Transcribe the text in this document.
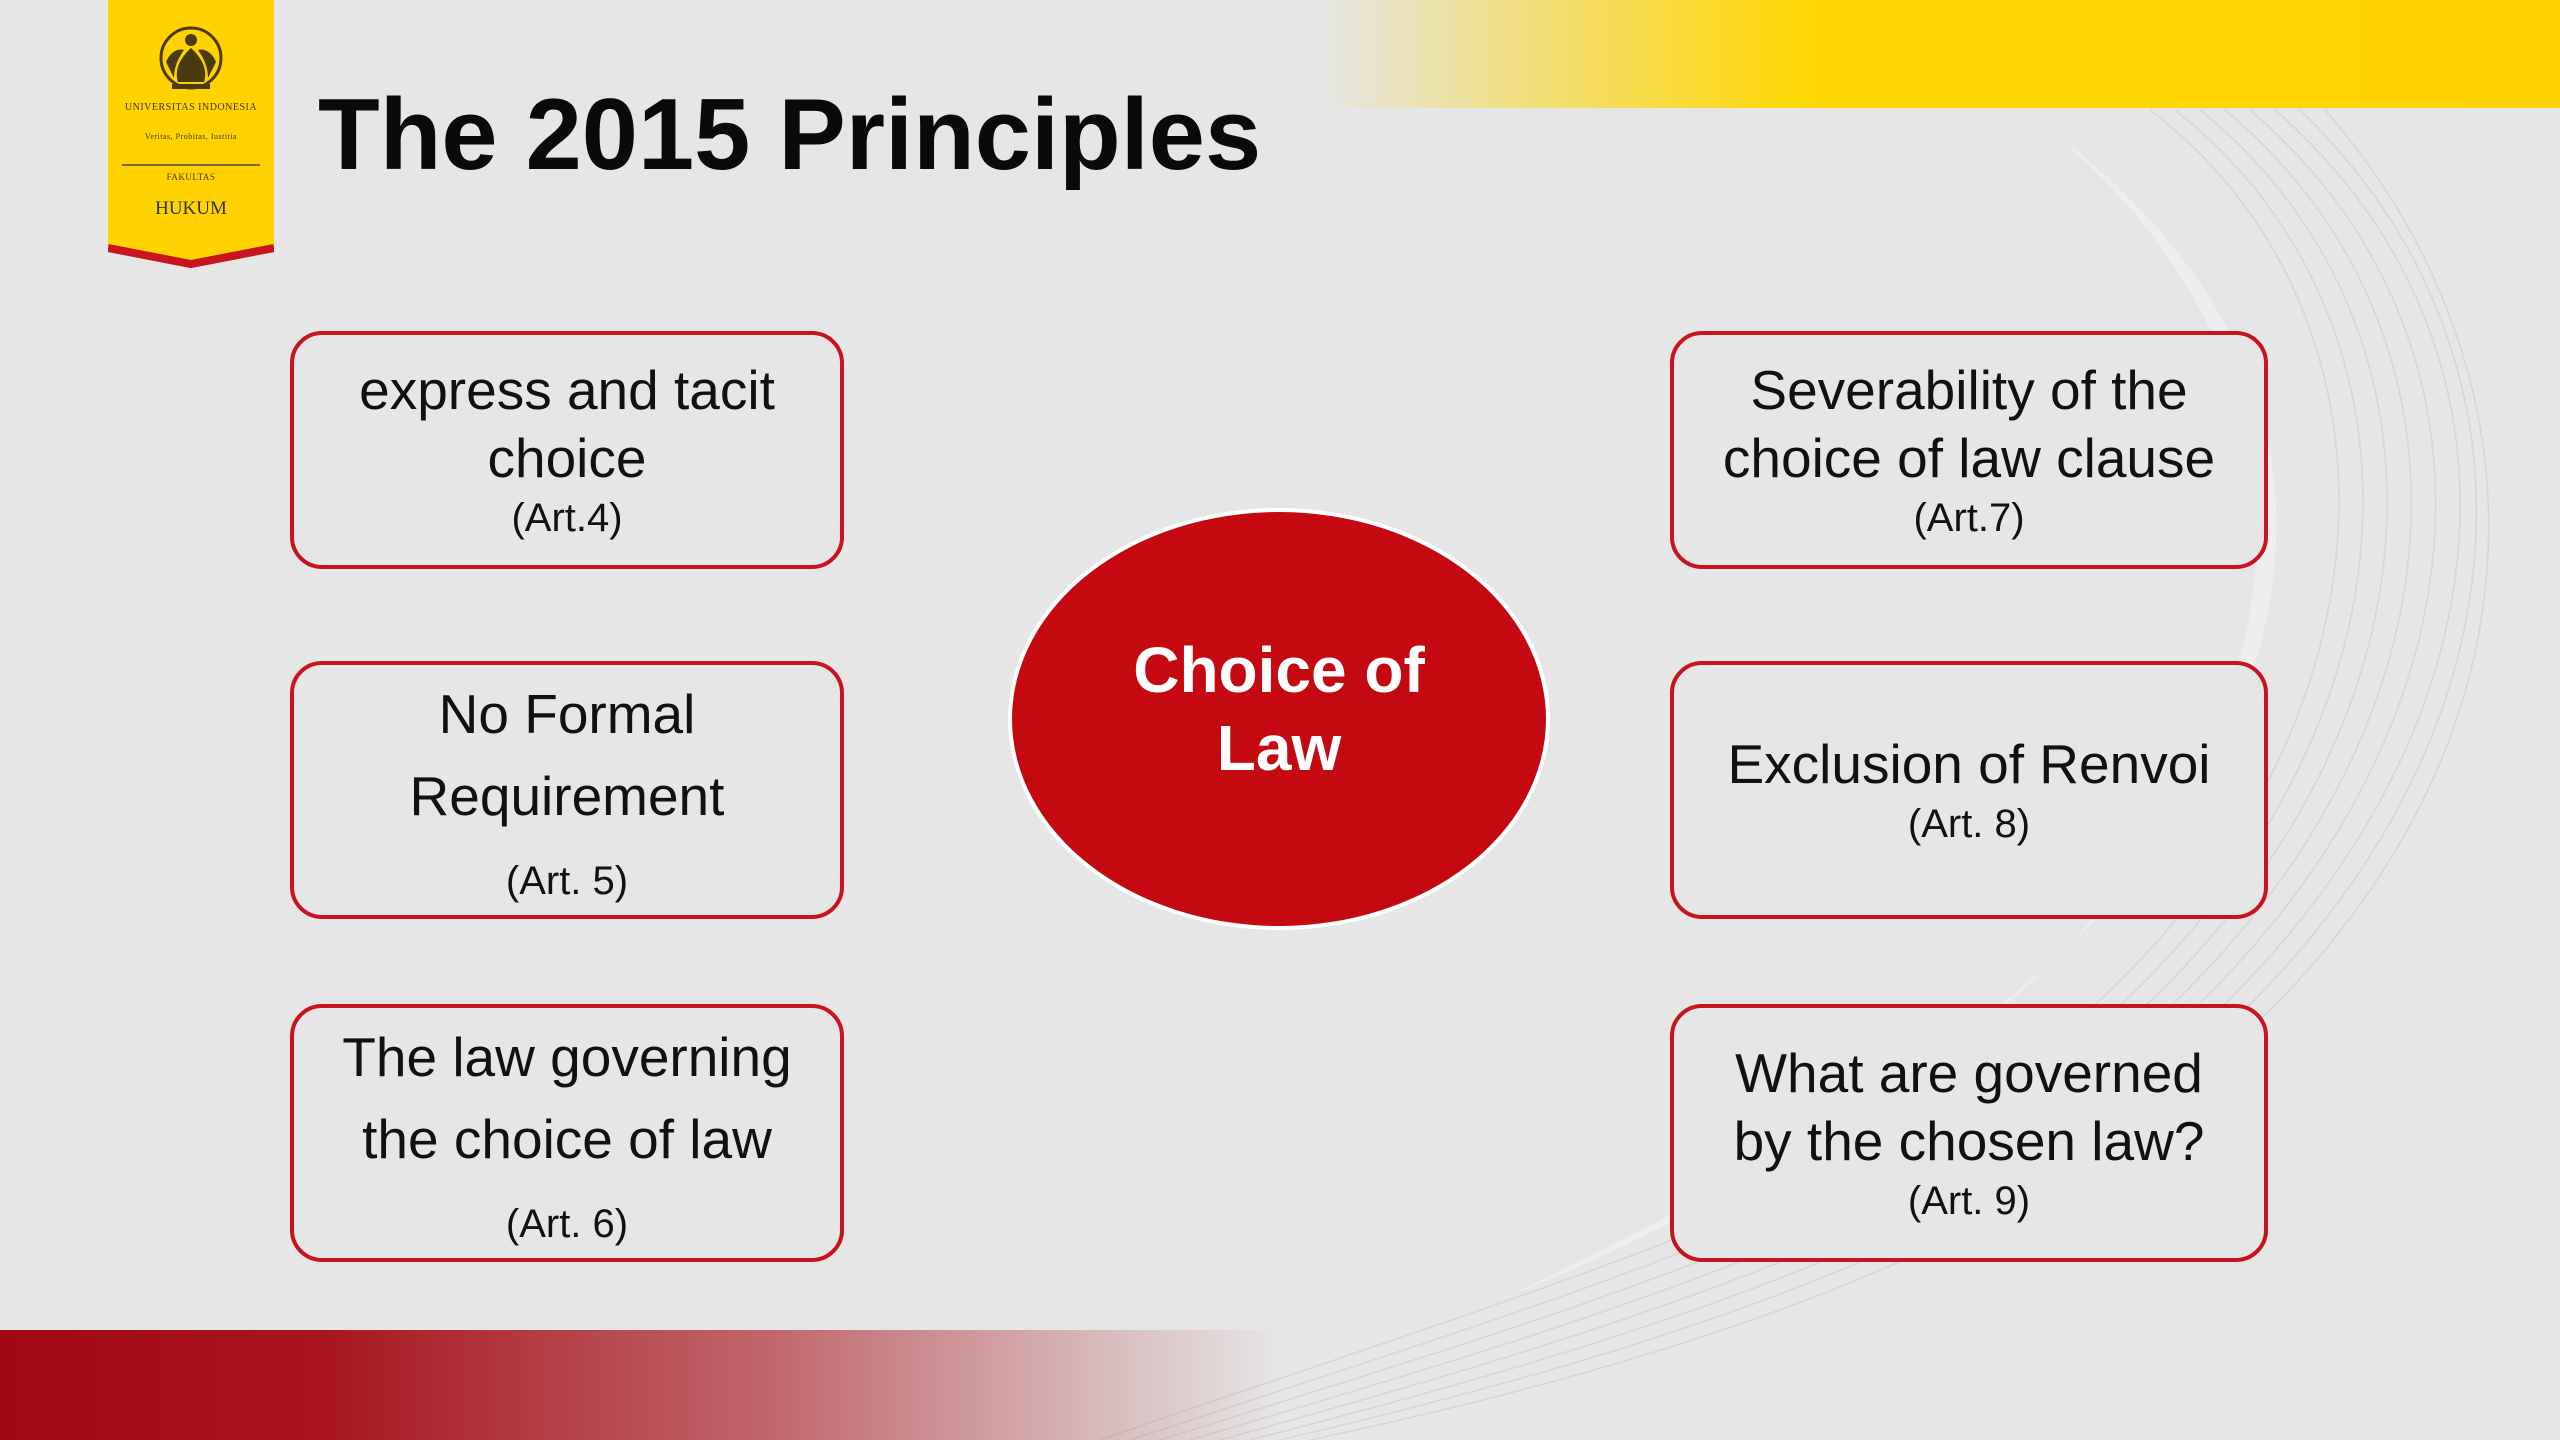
UNIVERSITAS INDONESIA
Veritas, Probitas, Iustitia
FAKULTAS
HUKUM
The 2015 Principles
express and tacit choice
(Art.4)
No Formal Requirement
(Art. 5)
The law governing the choice of law
(Art. 6)
Choice of Law
Severability of the choice of law clause
(Art.7)
Exclusion of Renvoi
(Art. 8)
What are governed by the chosen law?
(Art. 9)
